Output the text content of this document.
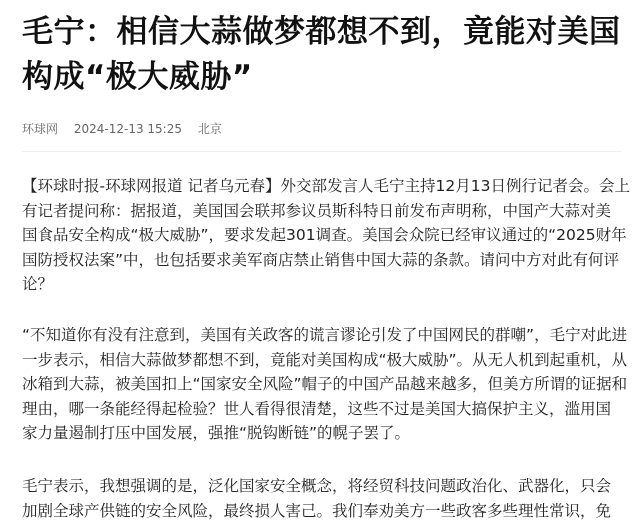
毛宁：相信大蒜做梦都想不到，竟能对美国
构成“极大威胁”
环球网 2024-12-13 15:25 北京

【环球时报-环球网报道 记者乌元春】外交部发言人毛宁主持12月13日例行记者会。会上
有记者提问称：据报道，美国国会联邦参议员斯科特日前发布声明称，中国产大蒜对美
国食品安全构成“极大威胁”，要求发起301调查。美国会众院已经审议通过的“2025财年
国防授权法案”中，也包括要求美军商店禁止销售中国大蒜的条款。请问中方对此有何评
论？

“不知道你有没有注意到，美国有关政客的谎言谬论引发了中国网民的群嘲”，毛宁对此进
一步表示，相信大蒜做梦都想不到，竟能对美国构成“极大威胁”。从无人机到起重机，从
冰箱到大蒜，被美国扣上“国家安全风险”帽子的中国产品越来越多，但美方所谓的证据和
理由，哪一条能经得起检验？世人看得很清楚，这些不过是美国大搞保护主义，滥用国
家力量遏制打压中国发展，强推“脱钩断链”的幌子罢了。

毛宁表示，我想强调的是，泛化国家安全概念，将经贸科技问题政治化、武器化，只会
加剧全球产供链的安全风险，最终损人害己。我们奉劝美方一些政客多些理性常识，免
